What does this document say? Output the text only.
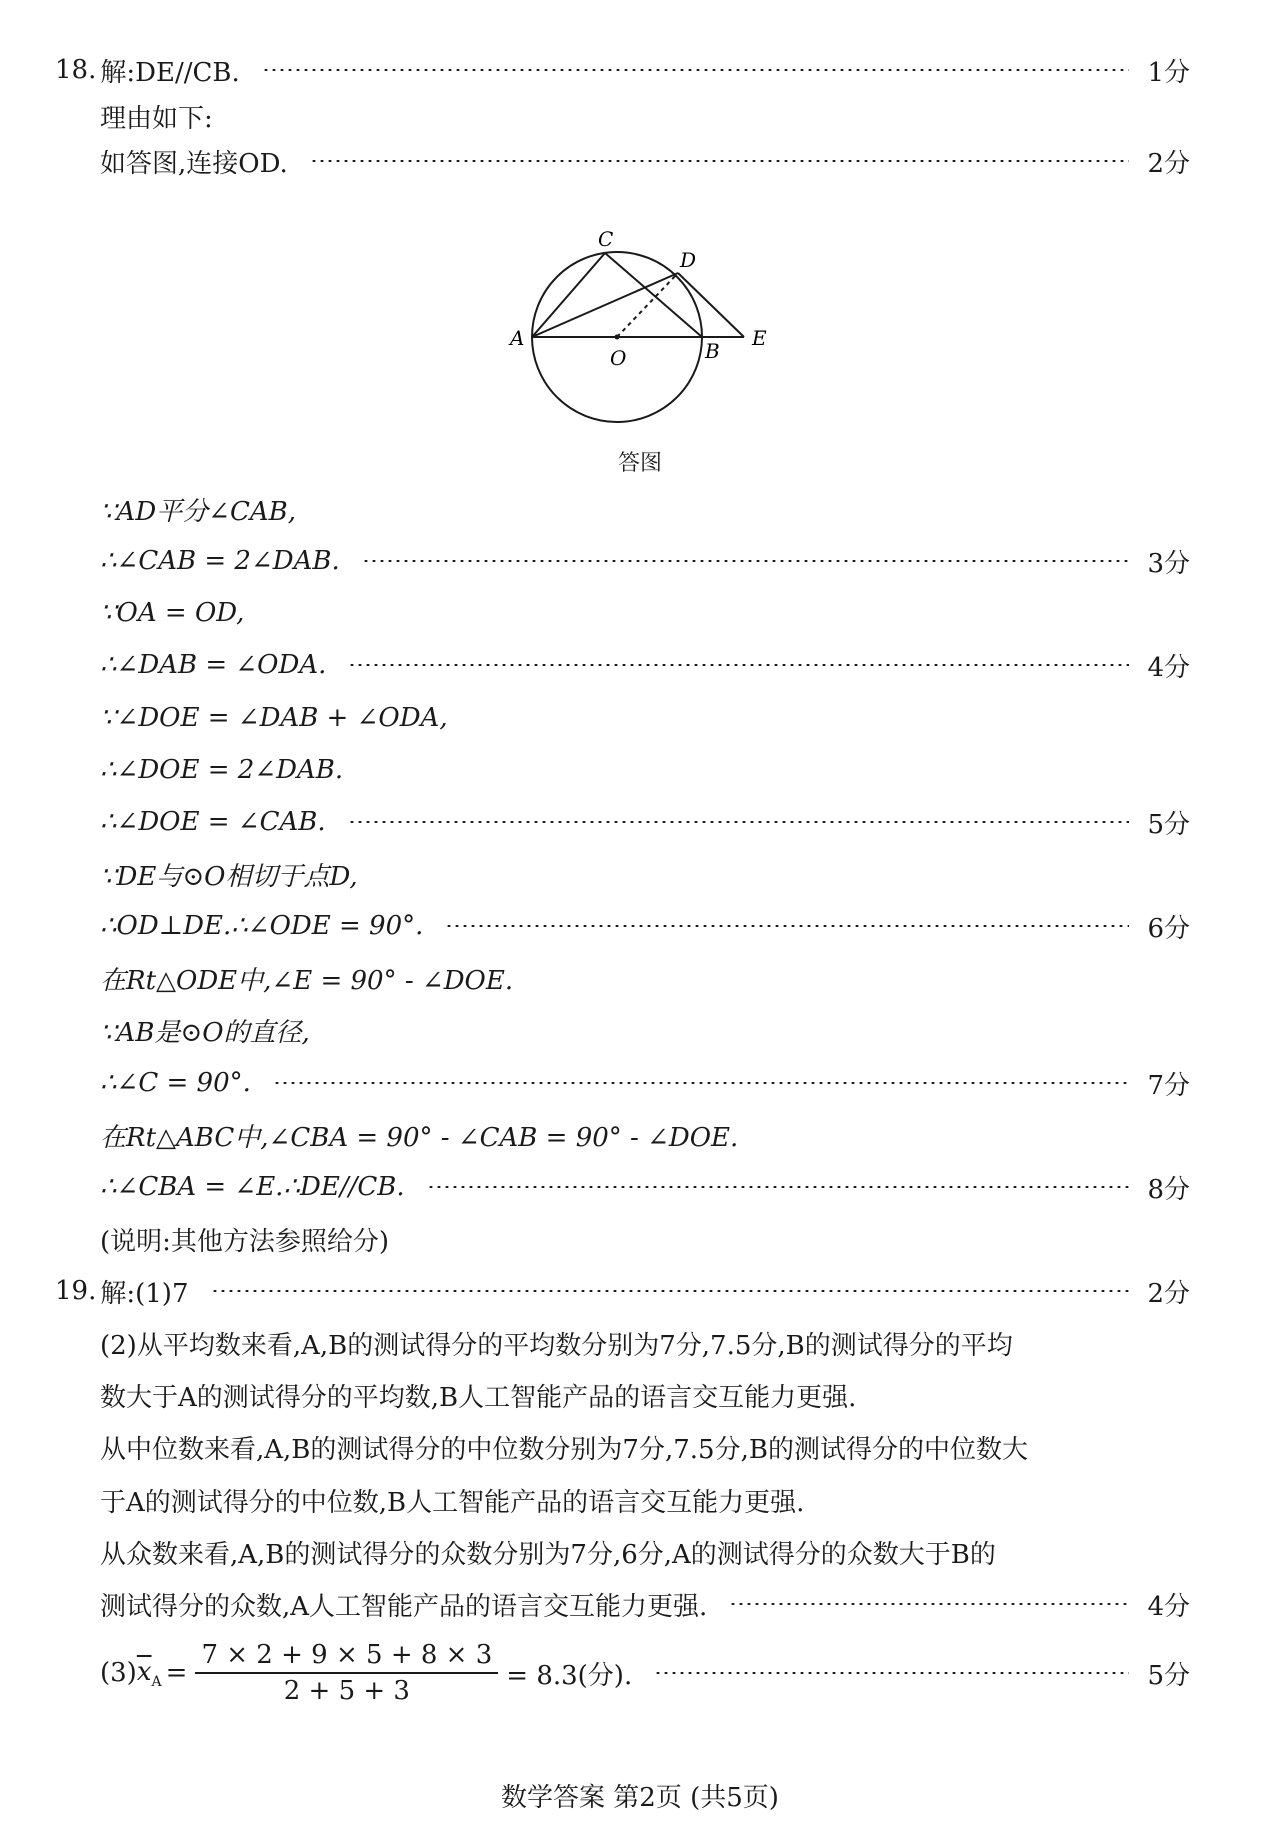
18. 解:DE//CB.	1分
理由如下:
如答图,连接OD.	2分
C
D
A
O	B
E
答图
∵AD平分∠CAB,
∴∠CAB = 2∠DAB.	3分
∵OA = OD,
∴∠DAB = ∠ODA.	4分
∵∠DOE = ∠DAB + ∠ODA,
∴∠DOE = 2∠DAB.
∴∠DOE = ∠CAB.	5分
∵DE与⊙O相切于点D,
∴OD⊥DE.∴∠ODE = 90°.	6分
在Rt△ODE中,∠E = 90° - ∠DOE.
∵AB是⊙O的直径,
∴∠C = 90°.	7分
在Rt△ABC中,∠CBA = 90° - ∠CAB = 90° - ∠DOE.
∴∠CBA = ∠E.∴DE//CB.	8分
(说明:其他方法参照给分)
19. 解:(1)7	2分
(2)从平均数来看,A,B的测试得分的平均数分别为7分,7.5分,B的测试得分的平均
数大于A的测试得分的平均数,B人工智能产品的语言交互能力更强.
从中位数来看,A,B的测试得分的中位数分别为7分,7.5分,B的测试得分的中位数大
于A的测试得分的中位数,B人工智能产品的语言交互能力更强.
从众数来看,A,B的测试得分的众数分别为7分,6分,A的测试得分的众数大于B的
测试得分的众数,A人工智能产品的语言交互能力更强.	4分
(3) $\overline{x}_A = \frac{7 \times 2 + 9 \times 5 + 8 \times 3}{2 + 5 + 3} = 8.3$(分).	5分
数学答案 第2页 (共5页)
